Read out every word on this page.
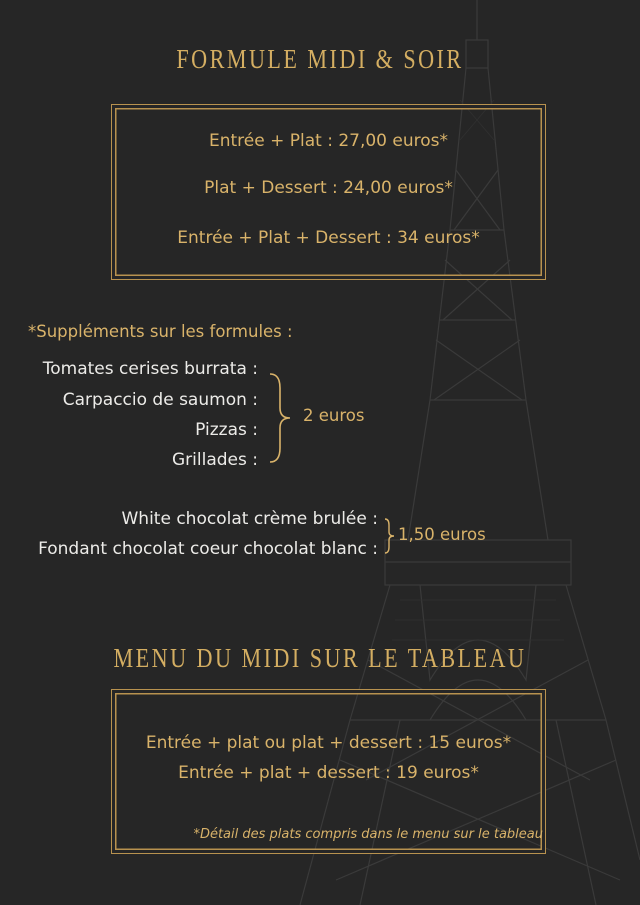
FORMULE MIDI & SOIR
Entrée + Plat : 27,00 euros*
Plat + Dessert : 24,00 euros*
Entrée + Plat + Dessert : 34 euros*
*Suppléments sur les formules :
Tomates cerises burrata :
Carpaccio de saumon :
Pizzas :
Grillades :
2 euros
White chocolat crème brulée :
Fondant chocolat coeur chocolat blanc :
1,50 euros
MENU DU MIDI SUR LE TABLEAU
Entrée + plat ou plat + dessert : 15 euros*
Entrée + plat + dessert : 19 euros*
*Détail des plats compris dans le menu sur le tableau
